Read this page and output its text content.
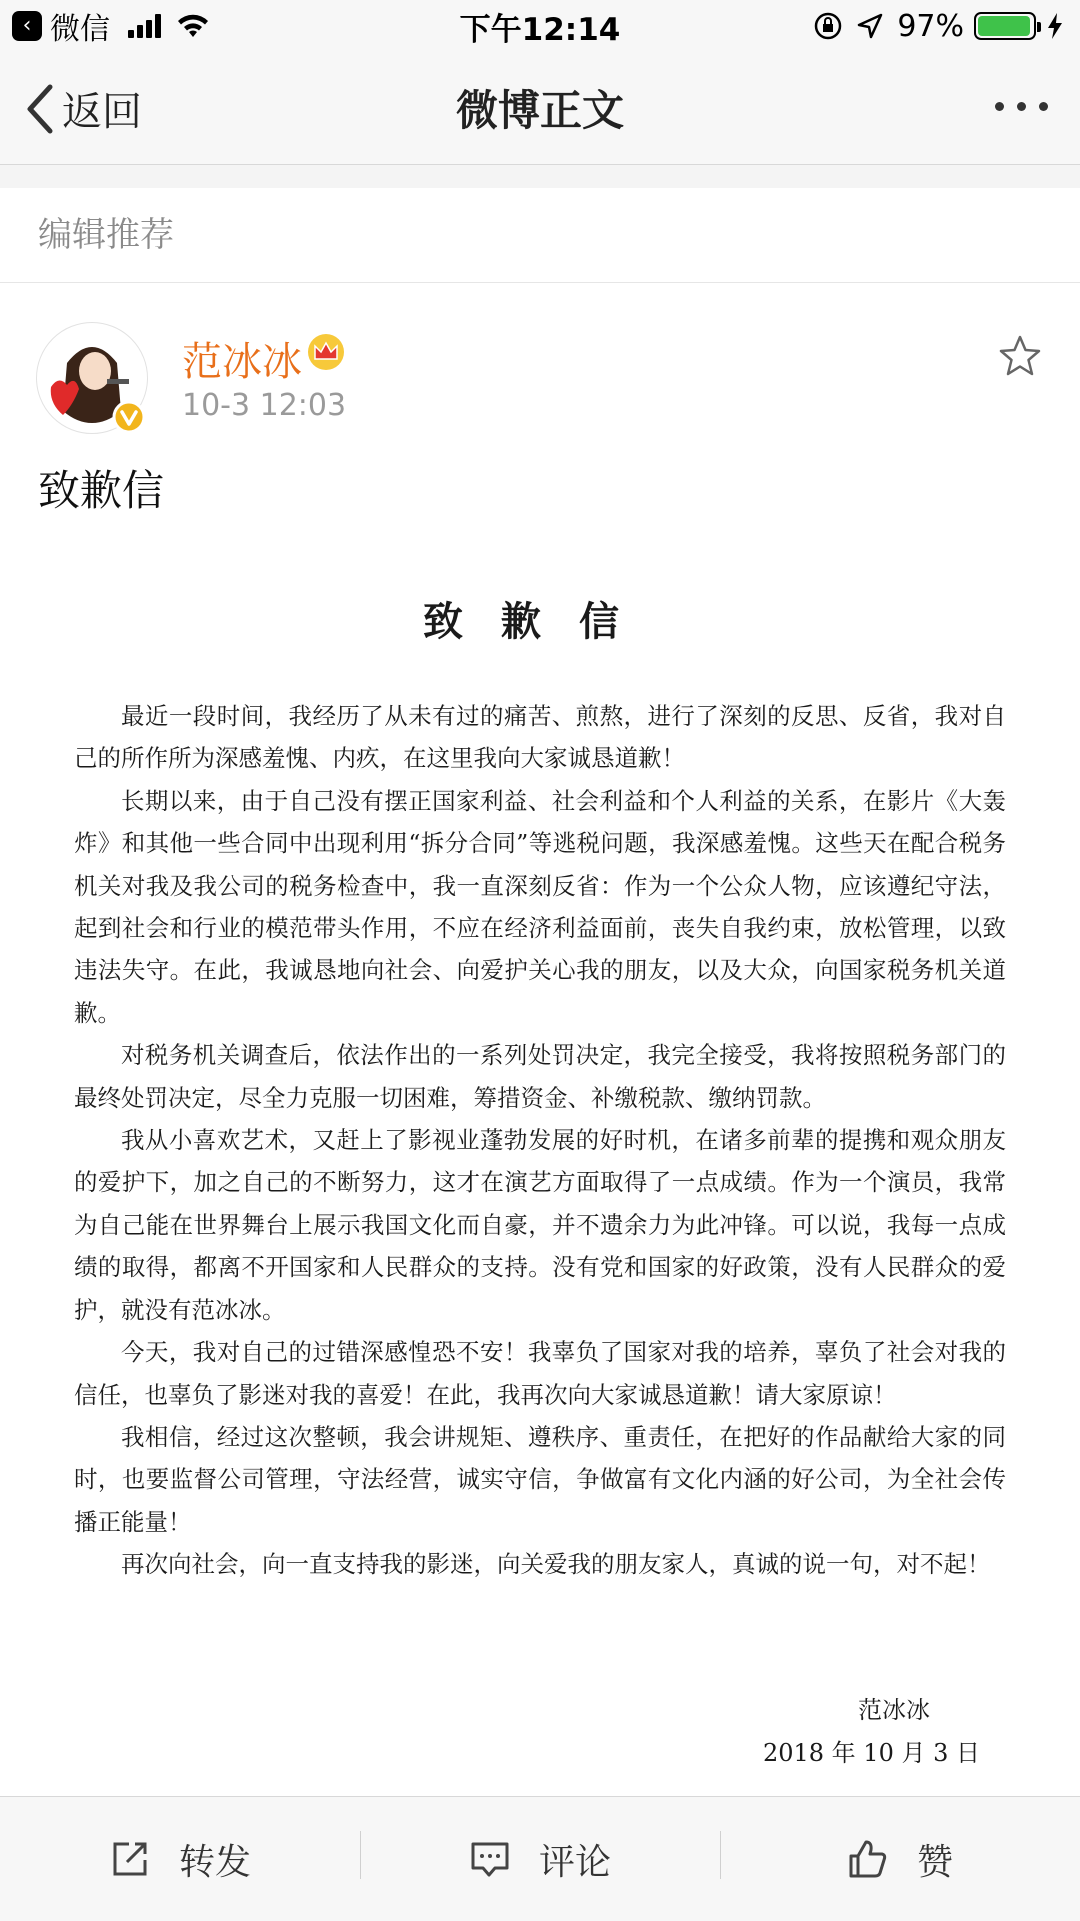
‹ 微信	下午12:14	97%
返回	微博正文
编辑推荐
范冰冰
10-3 12:03
致歉信
致歉信

最近一段时间，我经历了从未有过的痛苦、煎熬，进行了深刻的反思、反省，我对自己的所作所为深感羞愧、内疚，在这里我向大家诚恳道歉！

长期以来，由于自己没有摆正国家利益、社会利益和个人利益的关系，在影片《大轰炸》和其他一些合同中出现利用“拆分合同”等逃税问题，我深感羞愧。这些天在配合税务机关对我及我公司的税务检查中，我一直深刻反省：作为一个公众人物，应该遵纪守法，起到社会和行业的模范带头作用，不应在经济利益面前，丧失自我约束，放松管理，以致违法失守。在此，我诚恳地向社会、向爱护关心我的朋友，以及大众，向国家税务机关道歉。

对税务机关调查后，依法作出的一系列处罚决定，我完全接受，我将按照税务部门的最终处罚决定，尽全力克服一切困难，筹措资金、补缴税款、缴纳罚款。

我从小喜欢艺术，又赶上了影视业蓬勃发展的好时机，在诸多前辈的提携和观众朋友的爱护下，加之自己的不断努力，这才在演艺方面取得了一点成绩。作为一个演员，我常为自己能在世界舞台上展示我国文化而自豪，并不遗余力为此冲锋。可以说，我每一点成绩的取得，都离不开国家和人民群众的支持。没有党和国家的好政策，没有人民群众的爱护，就没有范冰冰。

今天，我对自己的过错深感惶恐不安！我辜负了国家对我的培养，辜负了社会对我的信任，也辜负了影迷对我的喜爱！在此，我再次向大家诚恳道歉！请大家原谅！

我相信，经过这次整顿，我会讲规矩、遵秩序、重责任，在把好的作品献给大家的同时，也要监督公司管理，守法经营，诚实守信，争做富有文化内涵的好公司，为全社会传播正能量！

再次向社会，向一直支持我的影迷，向关爱我的朋友家人，真诚的说一句，对不起！

范冰冰
2018 年 10 月 3 日
转发	评论	赞
